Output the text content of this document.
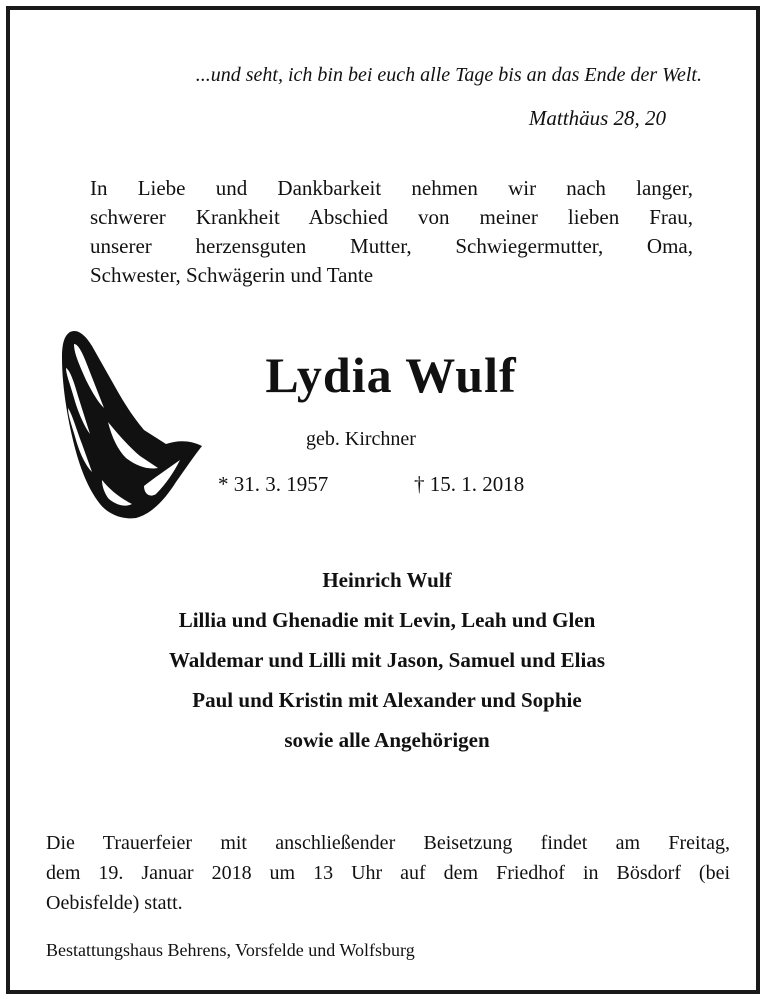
...und seht, ich bin bei euch alle Tage bis an das Ende der Welt.
Matthäus 28, 20
In Liebe und Dankbarkeit nehmen wir nach langer,
schwerer Krankheit Abschied von meiner lieben Frau,
unserer herzensguten Mutter, Schwiegermutter, Oma,
Schwester, Schwägerin und Tante
Lydia Wulf
geb. Kirchner
* 31. 3. 1957	† 15. 1. 2018
Heinrich Wulf
Lillia und Ghenadie mit Levin, Leah und Glen
Waldemar und Lilli mit Jason, Samuel und Elias
Paul und Kristin mit Alexander und Sophie
sowie alle Angehörigen
Die Trauerfeier mit anschließender Beisetzung findet am Freitag,
dem 19. Januar 2018 um 13 Uhr auf dem Friedhof in Bösdorf (bei
Oebisfelde) statt.
Bestattungshaus Behrens, Vorsfelde und Wolfsburg
